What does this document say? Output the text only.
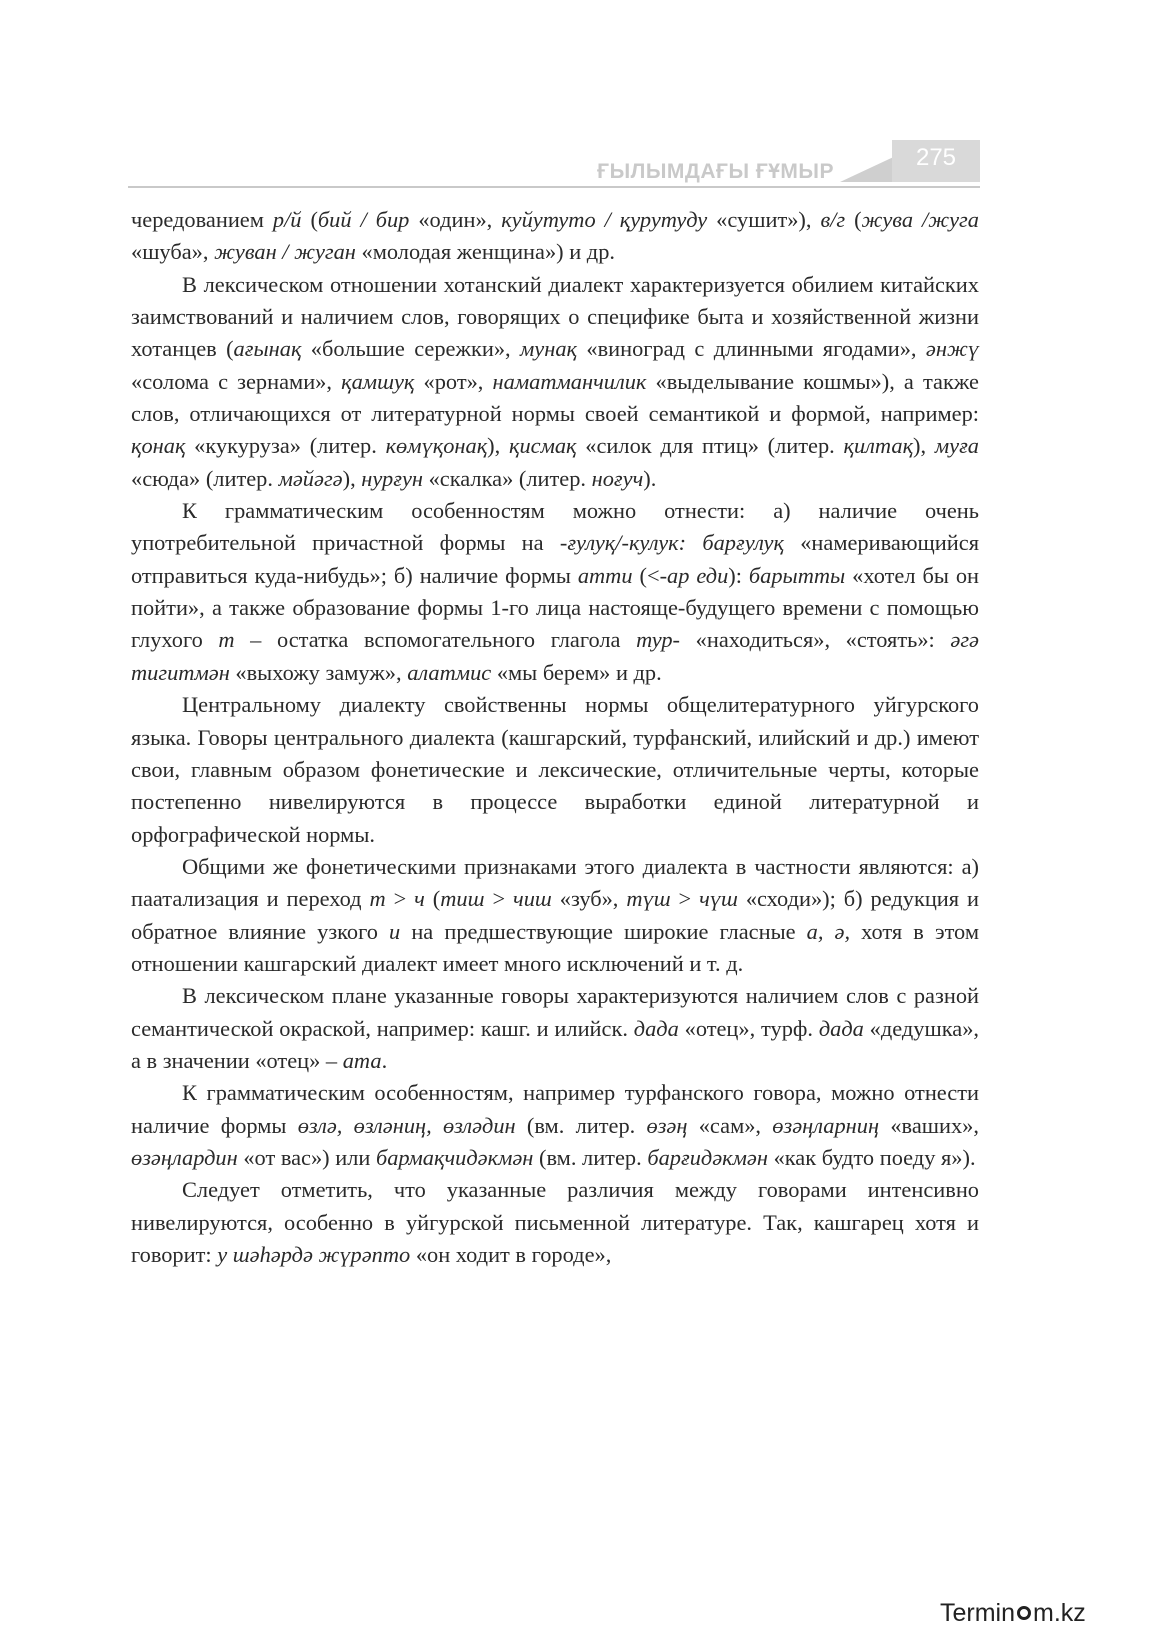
ҒЫЛЫМДАҒЫ ҒҰМЫР
275

чередованием р/й (бий / бир «один», куйутуто / қурутуду «сушит»), в/г (жува /жуга «шуба», жуван / жуган «молодая женщина») и др.

В лексическом отношении хотанский диалект характеризуется обилием китайских заимствований и наличием слов, говорящих о специфике быта и хозяйственной жизни хотанцев (ағынақ «большие сережки», мунақ «виноград с длинными ягодами», әнжү «солома с зернами», қамшуқ «рот», наматманчилик «выделывание кошмы»), а также слов, отличающихся от литературной нормы своей семантикой и формой, например: қонақ «кукуруза» (литер. көмүқонақ), қисмақ «силок для птиц» (литер. қилтақ), муға «сюда» (литер. мәйәгә), нурғун «скалка» (литер. ноғуч).

К грамматическим особенностям можно отнести: а) наличие очень употребительной причастной формы на -ғулуқ/-кулук: барғулуқ «намеривающийся отправиться куда-нибудь»; б) наличие формы атти (<-ар еди): барытты «хотел бы он пойти», а также образование формы 1-го лица настояще-будущего времени с помощью глухого т – остатка вспомогательного глагола тур- «находиться», «стоять»: әгә тигитмән «выхожу замуж», алатмис «мы берем» и др.

Центральному диалекту свойственны нормы общелитературного уйгурского языка. Говоры центрального диалекта (кашгарский, турфанский, илийский и др.) имеют свои, главным образом фонетические и лексические, отличительные черты, которые постепенно нивелируются в процессе выработки единой литературной и орфографической нормы.

Общими же фонетическими признаками этого диалекта в частности являются: а) паатализация и переход т > ч (тиш > чиш «зуб», түш > чүш «сходи»); б) редукция и обратное влияние узкого и на предшествующие широкие гласные а, ә, хотя в этом отношении кашгарский диалект имеет много исключений и т. д.

В лексическом плане указанные говоры характеризуются наличием слов с разной семантической окраской, например: кашг. и илийск. дада «отец», турф. дада «дедушка», а в значении «отец» – ата.

К грамматическим особенностям, например турфанского говора, можно отнести наличие формы өзлә, өзләниң, өзләдин (вм. литер. өзәң «сам», өзәңларниң «ваших», өзәңлардин «от вас») или бармақчидәкмән (вм. литер. барғидәкмән «как будто поеду я»).

Следует отметить, что указанные различия между говорами интенсивно нивелируются, особенно в уйгурской письменной литературе. Так, кашгарец хотя и говорит: у шәһәрдә жүрәпто «он ходит в городе»,

Termin m.kz
